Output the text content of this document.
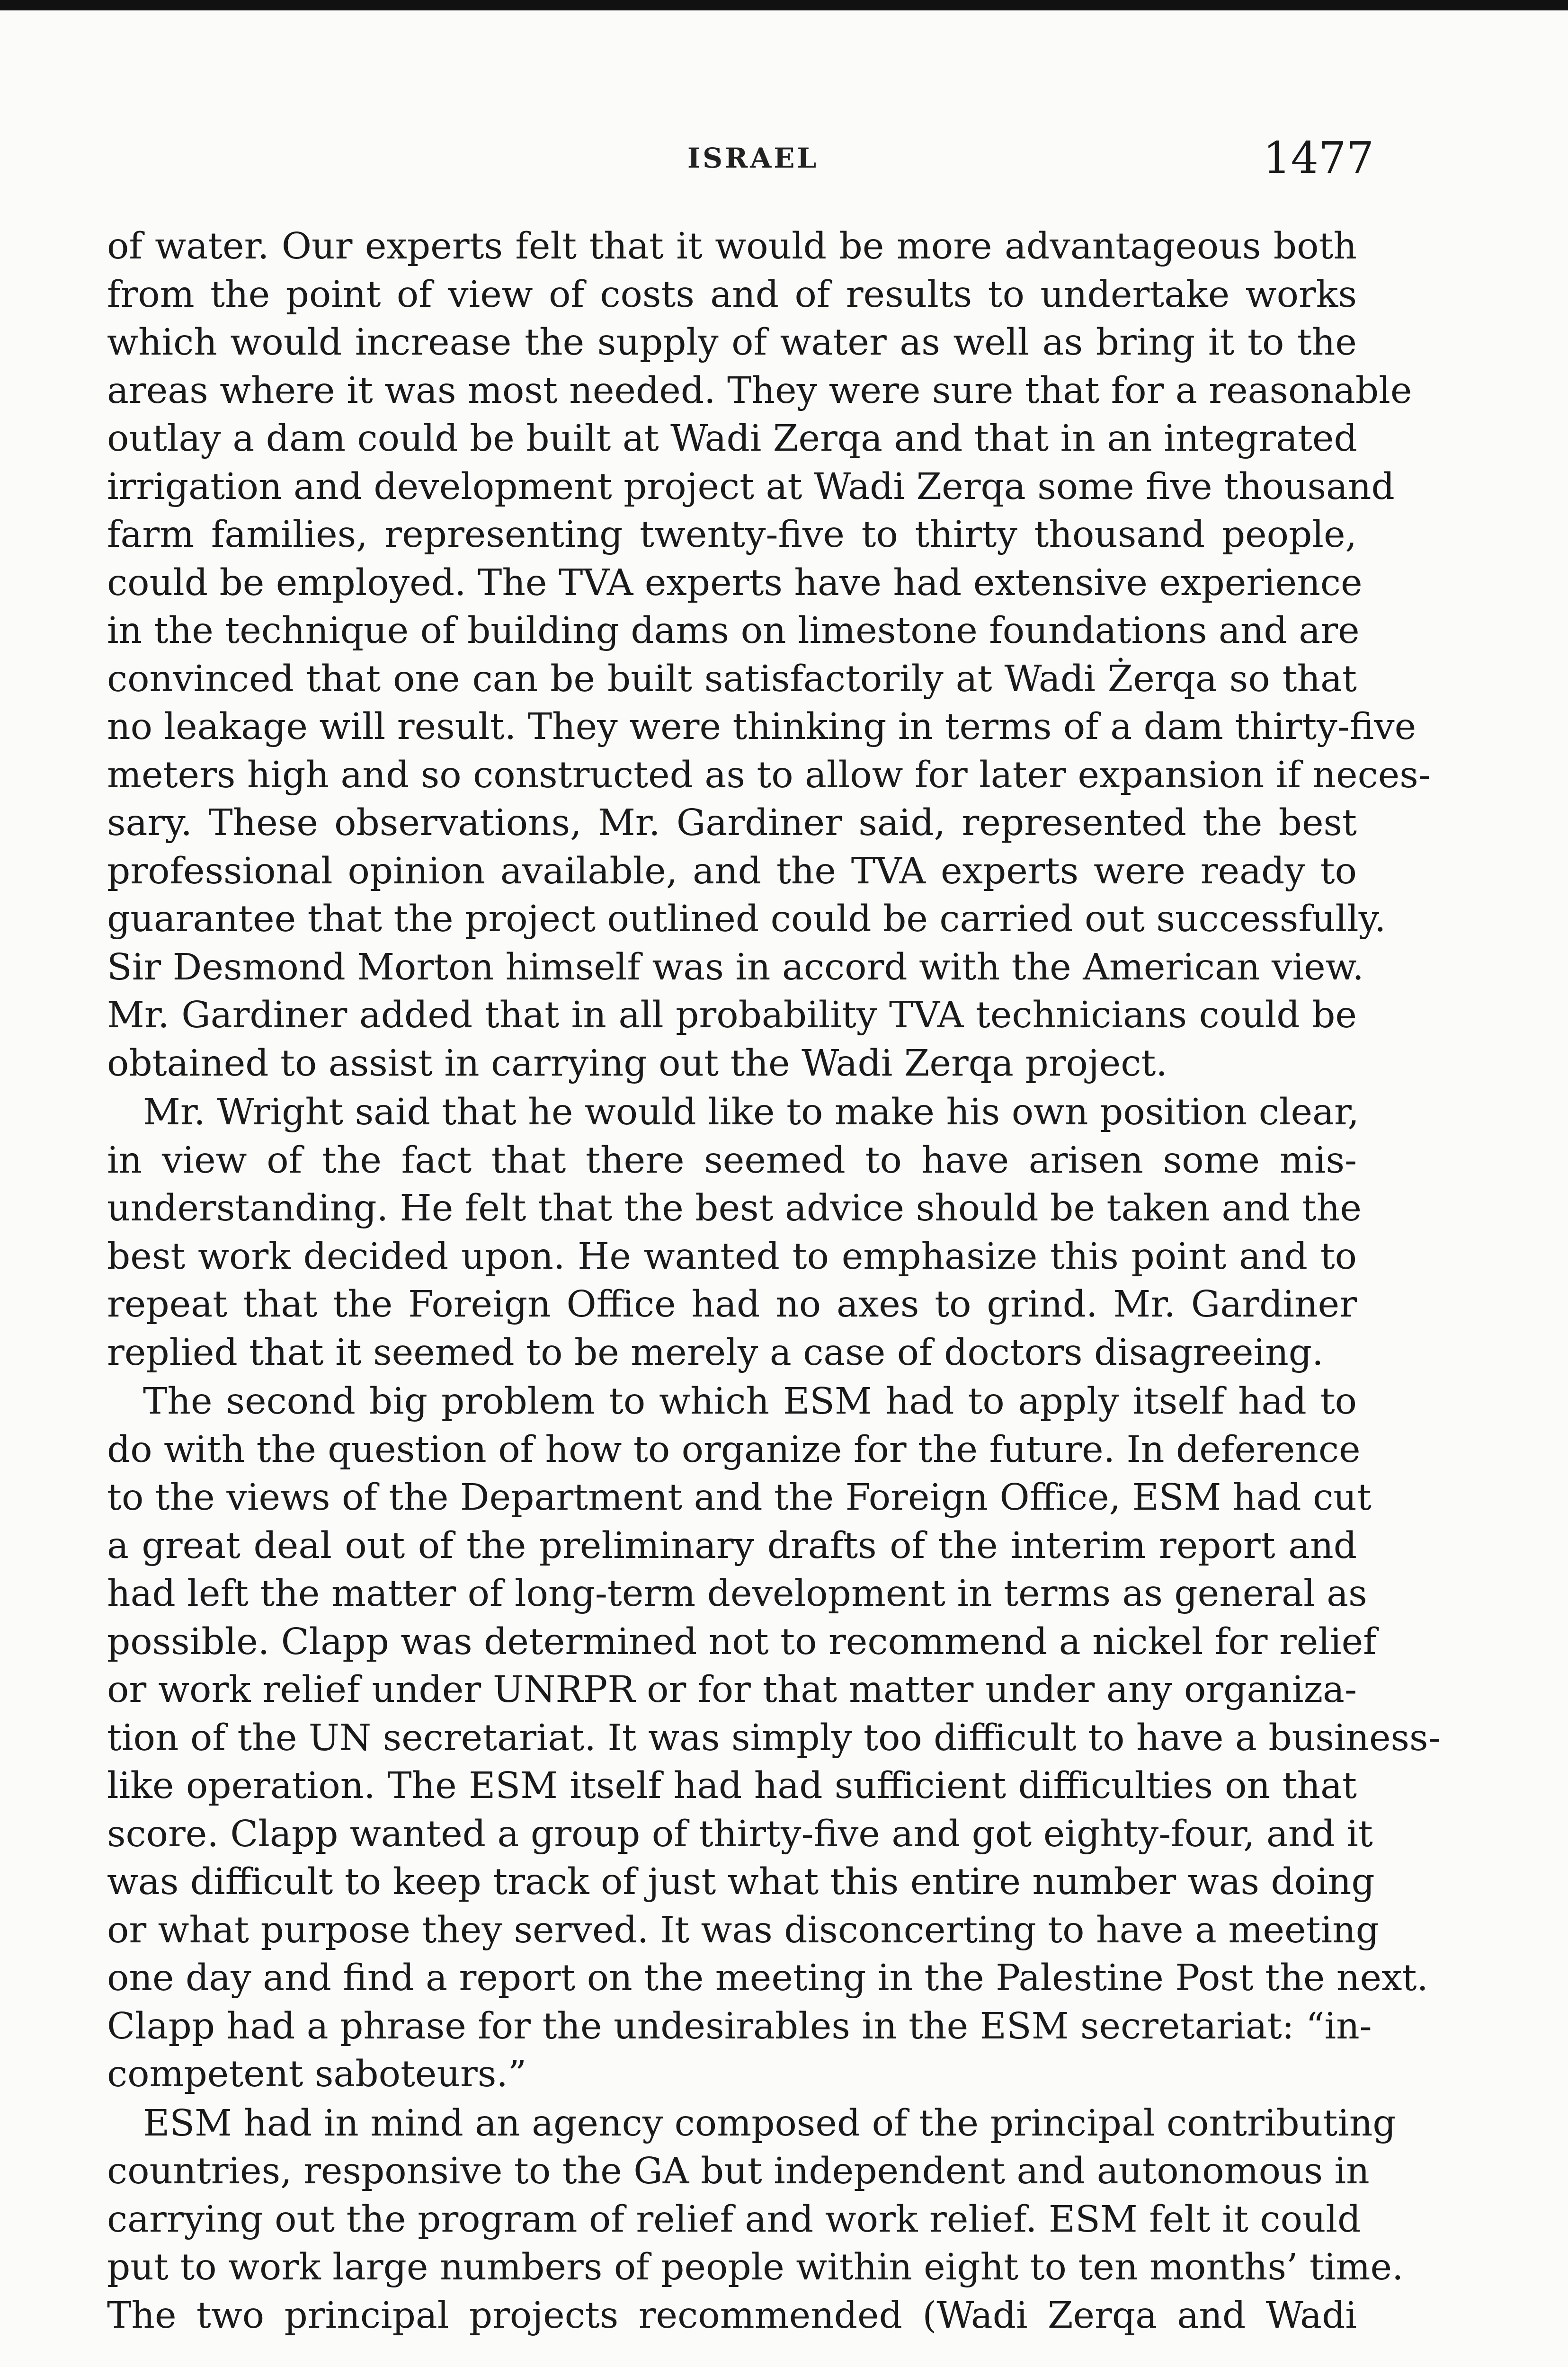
ISRAEL	1477

of water. Our experts felt that it would be more advantageous both
from the point of view of costs and of results to undertake works
which would increase the supply of water as well as bring it to the
areas where it was most needed. They were sure that for a reasonable
outlay a dam could be built at Wadi Zerqa and that in an integrated
irrigation and development project at Wadi Zerqa some five thousand
farm families, representing twenty-five to thirty thousand people,
could be employed. The TVA experts have had extensive experience
in the technique of building dams on limestone foundations and are
convinced that one can be built satisfactorily at Wadi Żerqa so that
no leakage will result. They were thinking in terms of a dam thirty-five
meters high and so constructed as to allow for later expansion if neces-
sary. These observations, Mr. Gardiner said, represented the best
professional opinion available, and the TVA experts were ready to
guarantee that the project outlined could be carried out successfully.
Sir Desmond Morton himself was in accord with the American view.
Mr. Gardiner added that in all probability TVA technicians could be
obtained to assist in carrying out the Wadi Zerqa project.

Mr. Wright said that he would like to make his own position clear,
in view of the fact that there seemed to have arisen some mis-
understanding. He felt that the best advice should be taken and the
best work decided upon. He wanted to emphasize this point and to
repeat that the Foreign Office had no axes to grind. Mr. Gardiner
replied that it seemed to be merely a case of doctors disagreeing.

The second big problem to which ESM had to apply itself had to
do with the question of how to organize for the future. In deference
to the views of the Department and the Foreign Office, ESM had cut
a great deal out of the preliminary drafts of the interim report and
had left the matter of long-term development in terms as general as
possible. Clapp was determined not to recommend a nickel for relief
or work relief under UNRPR or for that matter under any organiza-
tion of the UN secretariat. It was simply too difficult to have a business-
like operation. The ESM itself had had sufficient difficulties on that
score. Clapp wanted a group of thirty-five and got eighty-four, and it
was difficult to keep track of just what this entire number was doing
or what purpose they served. It was disconcerting to have a meeting
one day and find a report on the meeting in the Palestine Post the next.
Clapp had a phrase for the undesirables in the ESM secretariat: “in-
competent saboteurs.”

ESM had in mind an agency composed of the principal contributing
countries, responsive to the GA but independent and autonomous in
carrying out the program of relief and work relief. ESM felt it could
put to work large numbers of people within eight to ten months’ time.
The two principal projects recommended (Wadi Zerqa and Wadi
